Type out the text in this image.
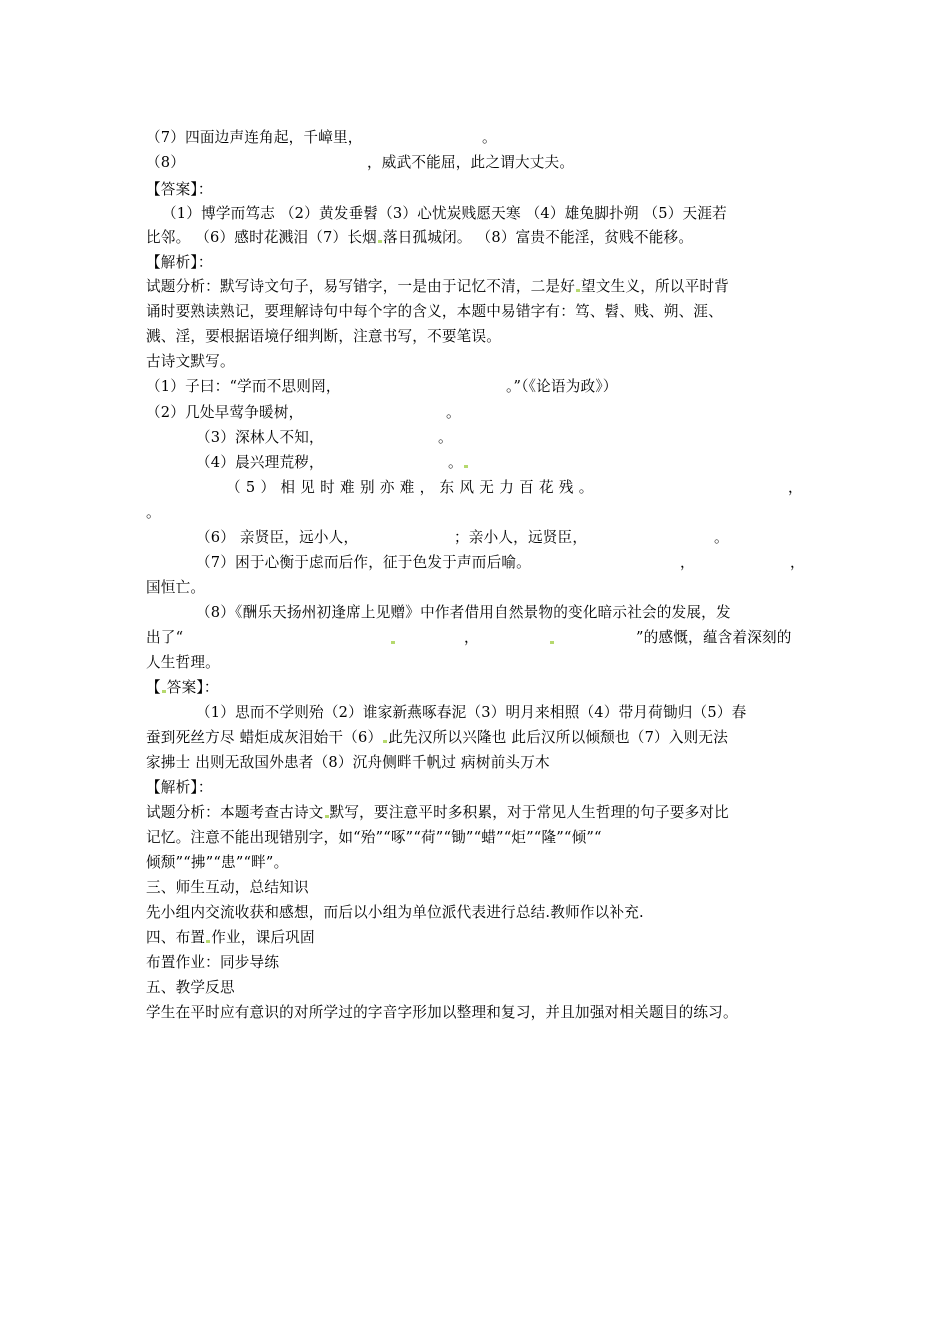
（7）四面边声连角起，千嶂里，	。
（8）	，威武不能屈，此之谓大丈夫。
【答案】：
（1）博学而笃志 （2）黄发垂髫（3）心忧炭贱愿天寒 （4）雄兔脚扑朔 （5）天涯若
比邻。 （6）感时花溅泪（7）长烟 落日孤城闭。 （8）富贵不能淫，贫贱不能移。
【解析】：
试题分析：默写诗文句子，易写错字，一是由于记忆不清，二是好 望文生义，所以平时背
诵时要熟读熟记，要理解诗句中每个字的含义，本题中易错字有：笃、髫、贱、朔、涯、
溅、淫，要根据语境仔细判断，注意书写，不要笔误。
古诗文默写。
（1）子曰：“学而不思则罔，	。”（《论语为政》）
（2）几处早莺争暖树，	。
（3）深林人不知，	。
（4）晨兴理荒秽，	。
（5）相见时难别亦难，东风无力百花残。	，
。
（6） 亲贤臣，远小人，	；亲小人，远贤臣，	。
（7）困于心衡于虑而后作，征于色发于声而后喻。	，	，
国恒亡。
（8）《酬乐天扬州初逢席上见赠》中作者借用自然景物的变化暗示社会的发展，发
出了“	，	”的感慨，蕴含着深刻的
人生哲理。
【 答案】：
（1）思而不学则殆（2）谁家新燕啄春泥（3）明月来相照（4）带月荷锄归（5）春
蚕到死丝方尽 蜡炬成灰泪始干（6） 此先汉所以兴隆也 此后汉所以倾颓也（7）入则无法
家拂士 出则无敌国外患者（8）沉舟侧畔千帆过 病树前头万木
【解析】：
试题分析：本题考查古诗文 默写，要注意平时多积累，对于常见人生哲理的句子要多对比
记忆。注意不能出现错别字，如“殆”“啄”“荷”“锄”“蜡”“炬”“隆”“倾”“
倾颓”“拂”“患”“畔”。
三、师生互动，总结知识
先小组内交流收获和感想，而后以小组为单位派代表进行总结.教师作以补充.
四、布置 作业，课后巩固
布置作业：同步导练
五、教学反思
学生在平时应有意识的对所学过的字音字形加以整理和复习，并且加强对相关题目的练习。
